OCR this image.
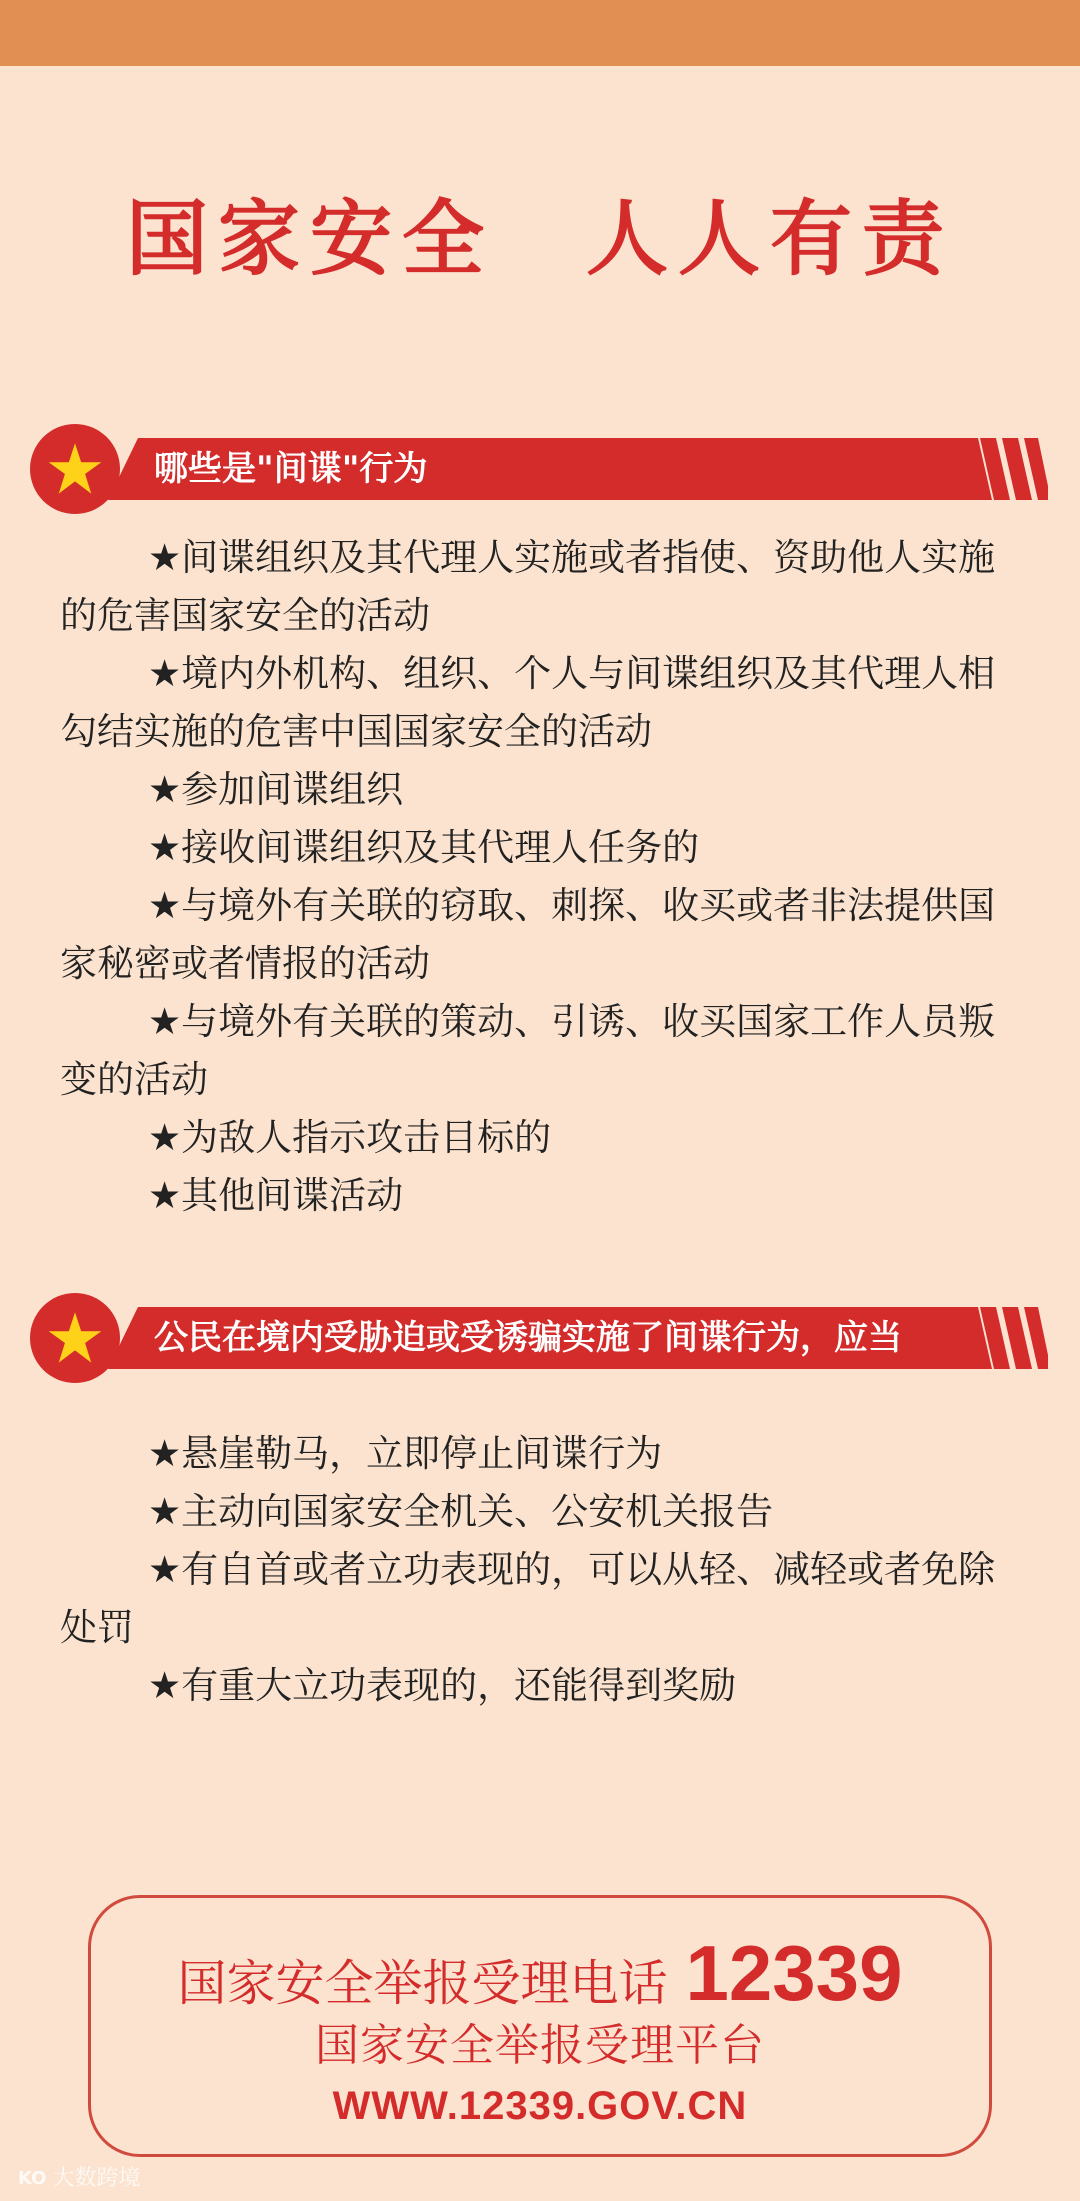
国家安全　人人有责
哪些是"间谍"行为
★间谍组织及其代理人实施或者指使、资助他人实施的危害国家安全的活动
★境内外机构、组织、个人与间谍组织及其代理人相勾结实施的危害中国国家安全的活动
★参加间谍组织
★接收间谍组织及其代理人任务的
★与境外有关联的窃取、刺探、收买或者非法提供国家秘密或者情报的活动
★与境外有关联的策动、引诱、收买国家工作人员叛变的活动
★为敌人指示攻击目标的
★其他间谍活动
公民在境内受胁迫或受诱骗实施了间谍行为，应当
★悬崖勒马，立即停止间谍行为
★主动向国家安全机关、公安机关报告
★有自首或者立功表现的，可以从轻、减轻或者免除处罚
★有重大立功表现的，还能得到奖励
国家安全举报受理电话 12339
国家安全举报受理平台
WWW.12339.GOV.CN
KO 大数跨境
